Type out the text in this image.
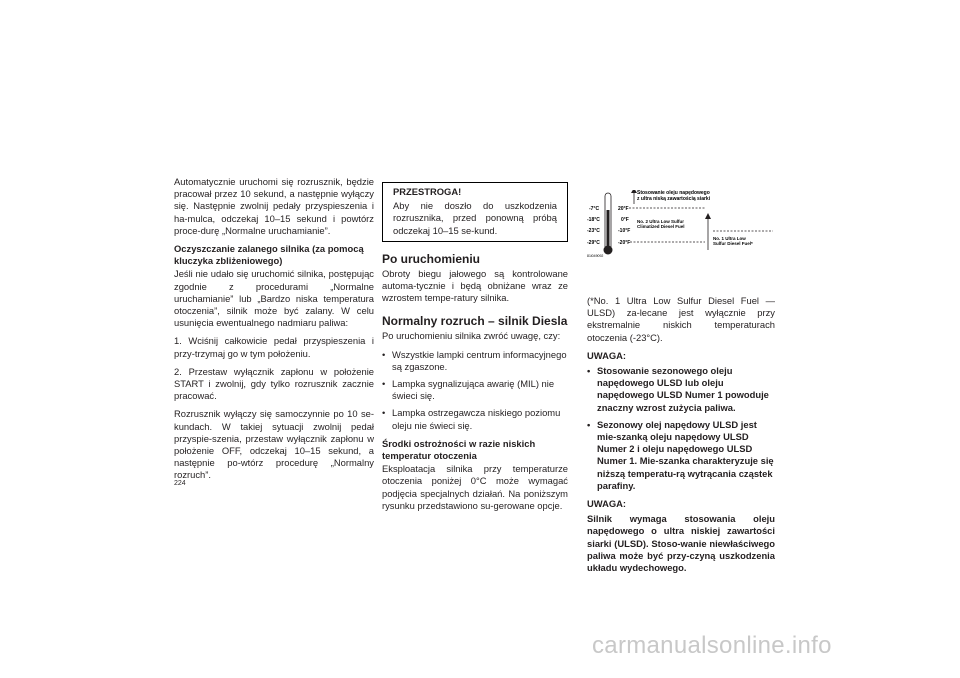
Automatycznie uruchomi się rozrusznik, będzie pracował przez 10 sekund, a następnie wyłączy się. Następnie zwolnij pedały przyspieszenia i ha-mulca, odczekaj 10–15 sekund i powtórz proce-durę „Normalne uruchamianie”.

Oczyszczanie zalanego silnika (za pomocą kluczyka zbliżeniowego)

Jeśli nie udało się uruchomić silnika, postępując zgodnie z procedurami „Normalne uruchamianie” lub „Bardzo niska temperatura otoczenia”, silnik może być zalany. W celu usunięcia ewentualnego nadmiaru paliwa:

1. Wciśnij całkowicie pedał przyspieszenia i przy-trzymaj go w tym położeniu.

2. Przestaw wyłącznik zapłonu w położenie START i zwolnij, gdy tylko rozrusznik zacznie pracować.

Rozrusznik wyłączy się samoczynnie po 10 se-kundach. W takiej sytuacji zwolnij pedał przyspie-szenia, przestaw wyłącznik zapłonu w położenie OFF, odczekaj 10–15 sekund, a następnie po-wtórz procedurę „Normalny rozruch”.

PRZESTROGA!

Aby nie doszło do uszkodzenia rozrusznika, przed ponowną próbą odczekaj 10–15 se-kund.

Po uruchomieniu

Obroty biegu jałowego są kontrolowane automa-tycznie i będą obniżane wraz ze wzrostem tempe-ratury silnika.

Normalny rozruch – silnik Diesla

Po uruchomieniu silnika zwróć uwagę, czy:

• Wszystkie lampki centrum informacyjnego są zgaszone.
• Lampka sygnalizująca awarię (MIL) nie świeci się.
• Lampka ostrzegawcza niskiego poziomu oleju nie świeci się.
Środki ostrożności w razie niskich temperatur otoczenia

Eksploatacja silnika przy temperaturze otoczenia poniżej 0°C może wymagać podjęcia specjalnych działań. Na poniższym rysunku przedstawiono su-gerowane opcje.

-7°C
-18°C
-23°C
-29°C
20°F
0°F
-10°F
-20°F
Stosowanie oleju napędowego
z ultra niską zawartością siarki
No. 2 Ultra Low Sulfur
Climatized Diesel Fuel
No. 1 Ultra Low
Sulfur Diesel Fuel*
81i049092

(*No. 1 Ultra Low Sulfur Diesel Fuel — ULSD) za-lecane jest wyłącznie przy ekstremalnie niskich temperaturach otoczenia (-23°C).

UWAGA:
• Stosowanie sezonowego oleju napędowego ULSD lub oleju napędowego ULSD Numer 1 powoduje znaczny wzrost zużycia paliwa.
• Sezonowy olej napędowy ULSD jest mie-szanką oleju napędowy ULSD Numer 2 i oleju napędowego ULSD Numer 1. Mie-szanka charakteryzuje się niższą temperatu-rą wytrącania cząstek parafiny.
UWAGA:

Silnik wymaga stosowania oleju napędowego o ultra niskiej zawartości siarki (ULSD). Stoso-wanie niewłaściwego paliwa może być przy-czyną uszkodzenia układu wydechowego.

224
carmanualsonline.info
